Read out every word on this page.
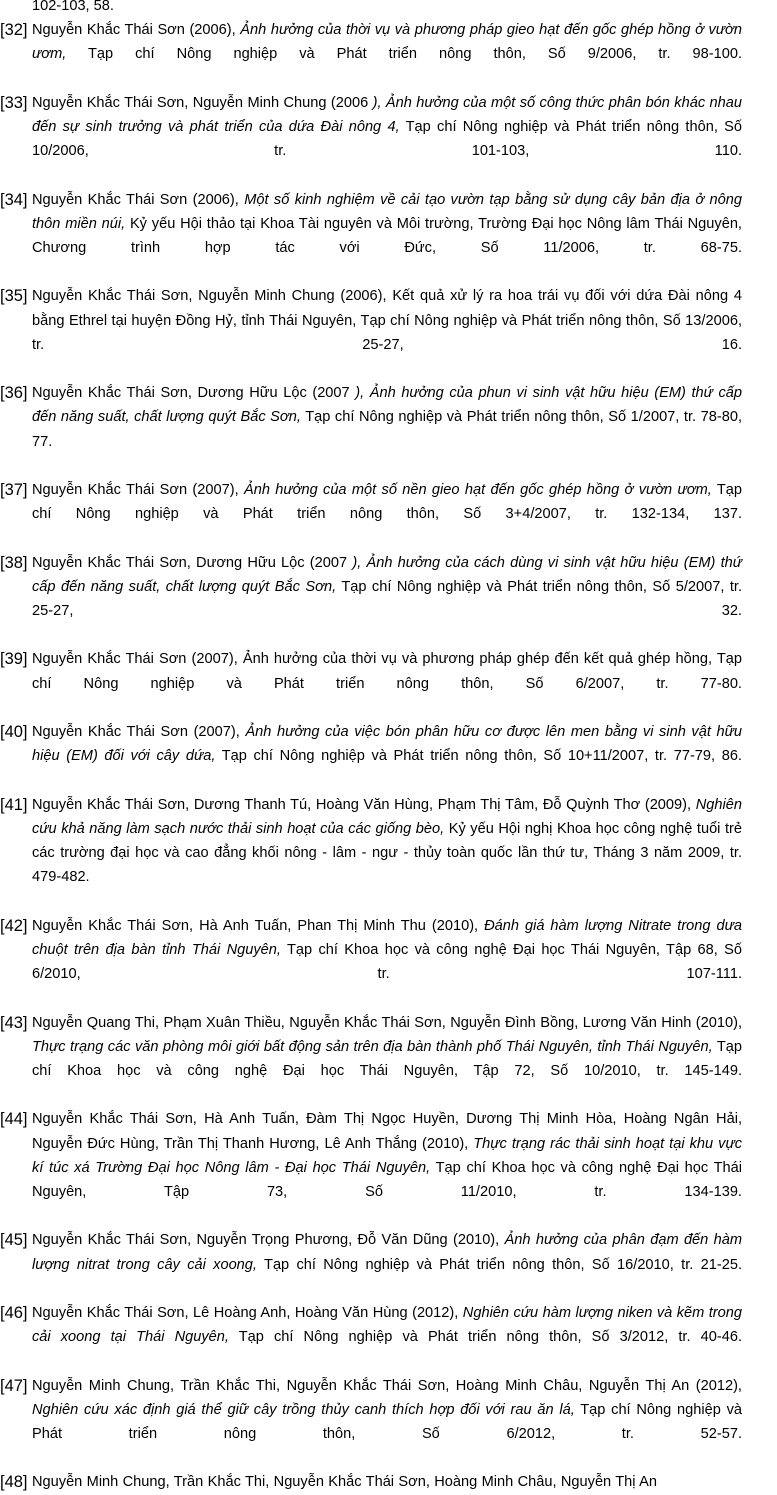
102-103, 58.
[32] Nguyễn Khắc Thái Sơn (2006), Ảnh hưởng của thời vụ và phương pháp gieo hạt đến gốc ghép hồng ở vườn ươm, Tạp chí Nông nghiệp và Phát triển nông thôn, Số 9/2006, tr. 98-100.
[33] Nguyễn Khắc Thái Sơn, Nguyễn Minh Chung (2006 ), Ảnh hưởng của một số công thức phân bón khác nhau đến sự sinh trưởng và phát triển của dứa Đài nông 4, Tạp chí Nông nghiệp và Phát triển nông thôn, Số 10/2006, tr. 101-103, 110.
[34] Nguyễn Khắc Thái Sơn (2006), Một số kinh nghiệm về cải tạo vườn tạp bằng sử dụng cây bản địa ở nông thôn miền núi, Kỷ yếu Hội thảo tại Khoa Tài nguyên và Môi trường, Trường Đại học Nông lâm Thái Nguyên, Chương trình hợp tác với Đức, Số 11/2006, tr. 68-75.
[35] Nguyễn Khắc Thái Sơn, Nguyễn Minh Chung (2006), Kết quả xử lý ra hoa trái vụ đối với dứa Đài nông 4 bằng Ethrel tại huyện Đồng Hỷ, tỉnh Thái Nguyên, Tạp chí Nông nghiệp và Phát triển nông thôn, Số 13/2006, tr. 25-27, 16.
[36] Nguyễn Khắc Thái Sơn, Dương Hữu Lộc (2007 ), Ảnh hưởng của phun vi sinh vật hữu hiệu (EM) thứ cấp đến năng suất, chất lượng quýt Bắc Sơn, Tạp chí Nông nghiệp và Phát triển nông thôn, Số 1/2007, tr. 78-80, 77.
[37] Nguyễn Khắc Thái Sơn (2007), Ảnh hưởng của một số nền gieo hạt đến gốc ghép hồng ở vườn ươm, Tạp chí Nông nghiệp và Phát triển nông thôn, Số 3+4/2007, tr. 132-134, 137.
[38] Nguyễn Khắc Thái Sơn, Dương Hữu Lộc (2007 ), Ảnh hưởng của cách dùng vi sinh vật hữu hiệu (EM) thứ cấp đến năng suất, chất lượng quýt Bắc Sơn, Tạp chí Nông nghiệp và Phát triển nông thôn, Số 5/2007, tr. 25-27, 32.
[39] Nguyễn Khắc Thái Sơn (2007), Ảnh hưởng của thời vụ và phương pháp ghép đến kết quả ghép hồng, Tạp chí Nông nghiệp và Phát triển nông thôn, Số 6/2007, tr. 77-80.
[40] Nguyễn Khắc Thái Sơn (2007), Ảnh hưởng của việc bón phân hữu cơ được lên men bằng vi sinh vật hữu hiệu (EM) đối với cây dứa, Tạp chí Nông nghiệp và Phát triển nông thôn, Số 10+11/2007, tr. 77-79, 86.
[41] Nguyễn Khắc Thái Sơn, Dương Thanh Tú, Hoàng Văn Hùng, Phạm Thị Tâm, Đỗ Quỳnh Thơ (2009), Nghiên cứu khả năng làm sạch nước thải sinh hoạt của các giống bèo, Kỷ yếu Hội nghị Khoa học công nghệ tuổi trẻ các trường đại học và cao đẳng khối nông - lâm - ngư - thủy toàn quốc lần thứ tư, Tháng 3 năm 2009, tr. 479-482.
[42] Nguyễn Khắc Thái Sơn, Hà Anh Tuấn, Phan Thị Minh Thu (2010), Đánh giá hàm lượng Nitrate trong dưa chuột trên địa bàn tỉnh Thái Nguyên, Tạp chí Khoa học và công nghệ Đại học Thái Nguyên, Tập 68, Số 6/2010, tr. 107-111.
[43] Nguyễn Quang Thi, Phạm Xuân Thiều, Nguyễn Khắc Thái Sơn, Nguyễn Đình Bồng, Lương Văn Hinh (2010), Thực trạng các văn phòng môi giới bất động sản trên địa bàn thành phố Thái Nguyên, tỉnh Thái Nguyên, Tạp chí Khoa học và công nghệ Đại học Thái Nguyên, Tập 72, Số 10/2010, tr. 145-149.
[44] Nguyễn Khắc Thái Sơn, Hà Anh Tuấn, Đàm Thị Ngọc Huyền, Dương Thị Minh Hòa, Hoàng Ngân Hải, Nguyễn Đức Hùng, Trần Thị Thanh Hương, Lê Anh Thắng (2010), Thực trạng rác thải sinh hoạt tại khu vực kí túc xá Trường Đại học Nông lâm - Đại học Thái Nguyên, Tạp chí Khoa học và công nghệ Đại học Thái Nguyên, Tập 73, Số 11/2010, tr. 134-139.
[45] Nguyễn Khắc Thái Sơn, Nguyễn Trọng Phương, Đỗ Văn Dũng (2010), Ảnh hưởng của phân đạm đến hàm lượng nitrat trong cây cải xoong, Tạp chí Nông nghiệp và Phát triển nông thôn, Số 16/2010, tr. 21-25.
[46] Nguyễn Khắc Thái Sơn, Lê Hoàng Anh, Hoàng Văn Hùng (2012), Nghiên cứu hàm lượng niken và kẽm trong cải xoong tại Thái Nguyên, Tạp chí Nông nghiệp và Phát triển nông thôn, Số 3/2012, tr. 40-46.
[47] Nguyễn Minh Chung, Trần Khắc Thi, Nguyễn Khắc Thái Sơn, Hoàng Minh Châu, Nguyễn Thị An (2012), Nghiên cứu xác định giá thể giữ cây trồng thủy canh thích hợp đối với rau ăn lá, Tạp chí Nông nghiệp và Phát triển nông thôn, Số 6/2012, tr. 52-57.
[48] Nguyễn Minh Chung, Trần Khắc Thi, Nguyễn Khắc Thái Sơn, Hoàng Minh Châu, Nguyễn Thị An
